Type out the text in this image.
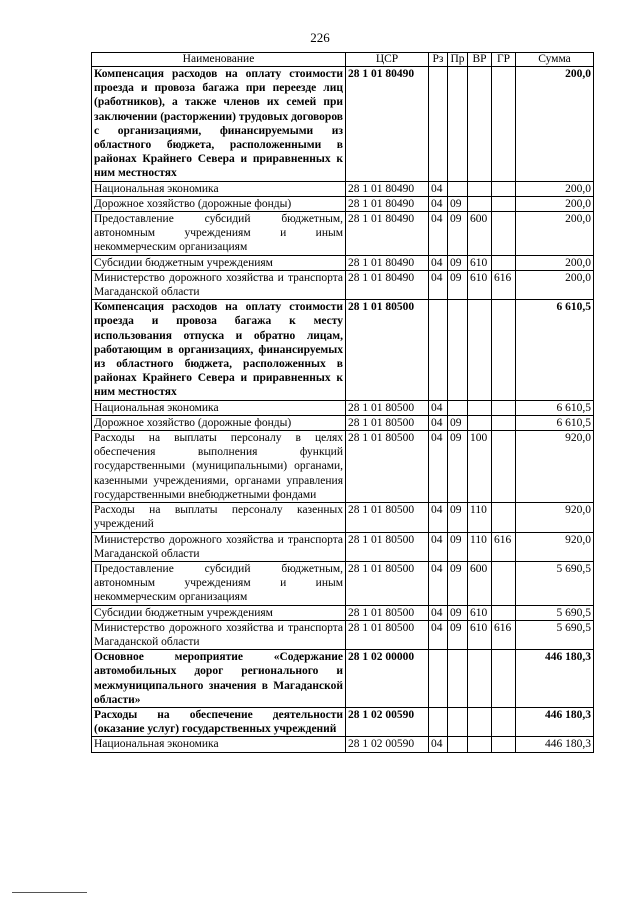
226
Наименование	ЦСР	Рз	Пр	ВР	ГР	Сумма
Компенсация расходов на оплату стоимости проезда и провоза багажа при переезде лиц (работников), а также членов их семей при заключении (расторжении) трудовых договоров с организациями, финансируемыми из областного бюджета, расположенными в районах Крайнего Севера и приравненных к ним местностях	28 1 01 80490					200,0
Национальная экономика	28 1 01 80490	04				200,0
Дорожное хозяйство (дорожные фонды)	28 1 01 80490	04	09			200,0
Предоставление субсидий бюджетным, автономным учреждениям и иным некоммерческим организациям	28 1 01 80490	04	09	600		200,0
Субсидии бюджетным учреждениям	28 1 01 80490	04	09	610		200,0
Министерство дорожного хозяйства и транспорта Магаданской области	28 1 01 80490	04	09	610	616	200,0
Компенсация расходов на оплату стоимости проезда и провоза багажа к месту использования отпуска и обратно лицам, работающим в организациях, финансируемых из областного бюджета, расположенных в районах Крайнего Севера и приравненных к ним местностях	28 1 01 80500					6 610,5
Национальная экономика	28 1 01 80500	04				6 610,5
Дорожное хозяйство (дорожные фонды)	28 1 01 80500	04	09			6 610,5
Расходы на выплаты персоналу в целях обеспечения выполнения функций государственными (муниципальными) органами, казенными учреждениями, органами управления государственными внебюджетными фондами	28 1 01 80500	04	09	100		920,0
Расходы на выплаты персоналу казенных учреждений	28 1 01 80500	04	09	110		920,0
Министерство дорожного хозяйства и транспорта Магаданской области	28 1 01 80500	04	09	110	616	920,0
Предоставление субсидий бюджетным, автономным учреждениям и иным некоммерческим организациям	28 1 01 80500	04	09	600		5 690,5
Субсидии бюджетным учреждениям	28 1 01 80500	04	09	610		5 690,5
Министерство дорожного хозяйства и транспорта Магаданской области	28 1 01 80500	04	09	610	616	5 690,5
Основное мероприятие «Содержание автомобильных дорог регионального и межмуниципального значения в Магаданской области»	28 1 02 00000					446 180,3
Расходы на обеспечение деятельности (оказание услуг) государственных учреждений	28 1 02 00590					446 180,3
Национальная экономика	28 1 02 00590	04				446 180,3
